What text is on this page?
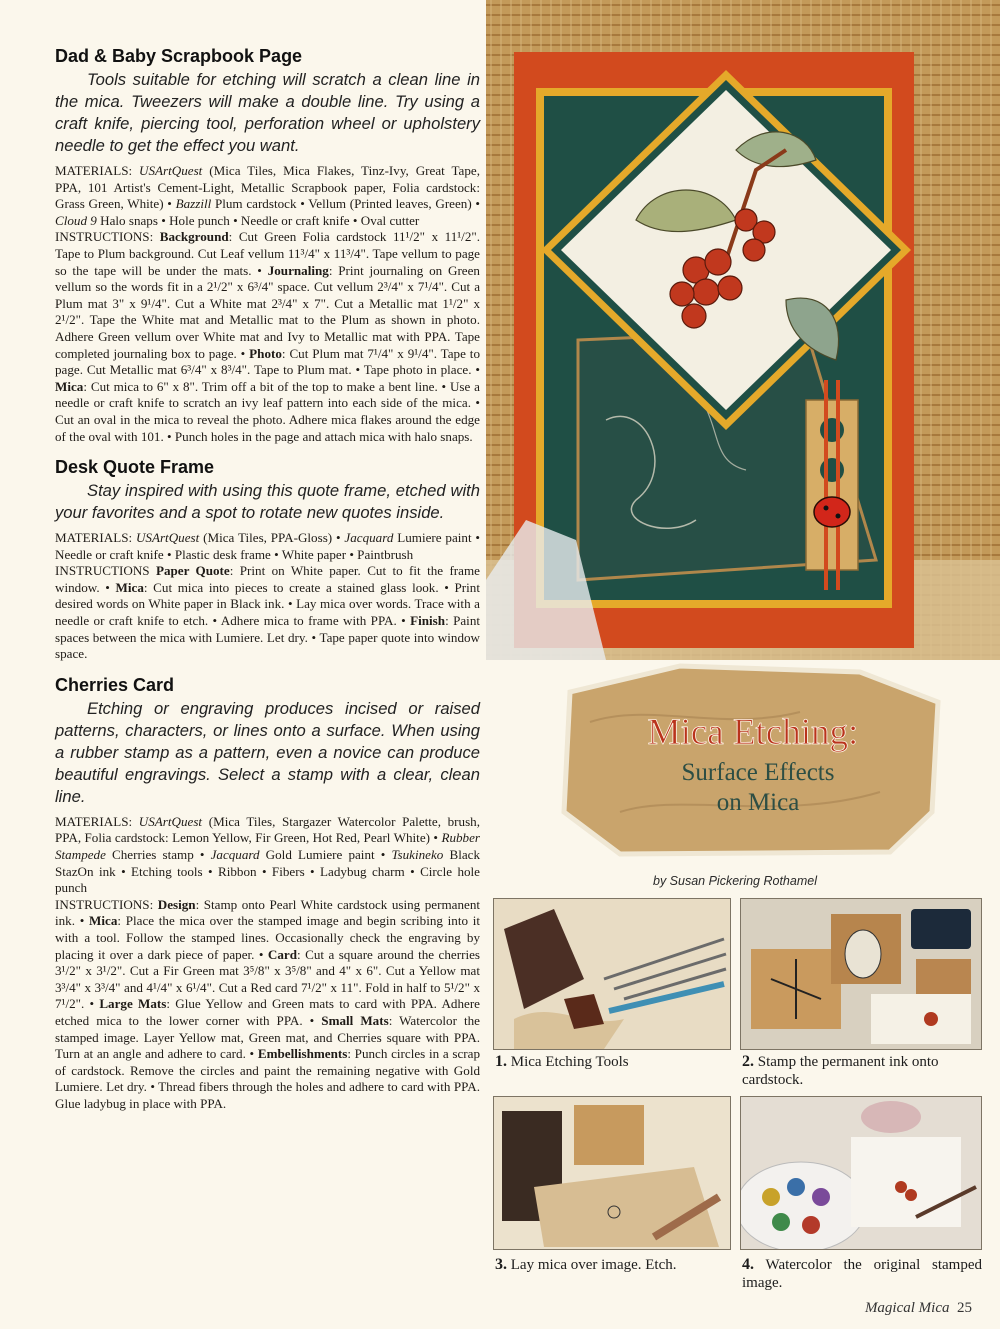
Dad & Baby Scrapbook Page

Tools suitable for etching will scratch a clean line in the mica. Tweezers will make a double line. Try using a craft knife, piercing tool, perforation wheel or upholstery needle to get the effect you want.

MATERIALS: USArtQuest (Mica Tiles, Mica Flakes, Tinz-Ivy, Great Tape, PPA, 101 Artist's Cement-Light, Metallic Scrapbook paper, Folia cardstock: Grass Green, White) • Bazzill Plum cardstock • Vellum (Printed leaves, Green) • Cloud 9 Halo snaps • Hole punch • Needle or craft knife • Oval cutter
INSTRUCTIONS: Background: Cut Green Folia cardstock 11¹/2" x 11¹/2". Tape to Plum background. Cut Leaf vellum 11³/4" x 11³/4". Tape vellum to page so the tape will be under the mats. • Journaling: Print journaling on Green vellum so the words fit in a 2¹/2" x 6³/4" space. Cut vellum 2³/4" x 7¹/4". Cut a Plum mat 3" x 9¹/4". Cut a White mat 2³/4" x 7". Cut a Metallic mat 1¹/2" x 2¹/2". Tape the White mat and Metallic mat to the Plum as shown in photo. Adhere Green vellum over White mat and Ivy to Metallic mat with PPA. Tape completed journaling box to page. • Photo: Cut Plum mat 7¹/4" x 9¹/4". Tape to page. Cut Metallic mat 6³/4" x 8³/4". Tape to Plum mat. • Tape photo in place. • Mica: Cut mica to 6" x 8". Trim off a bit of the top to make a bent line. • Use a needle or craft knife to scratch an ivy leaf pattern into each side of the mica. • Cut an oval in the mica to reveal the photo. Adhere mica flakes around the edge of the oval with 101. • Punch holes in the page and attach mica with halo snaps.
Desk Quote Frame

Stay inspired with using this quote frame, etched with your favorites and a spot to rotate new quotes inside.

MATERIALS: USArtQuest (Mica Tiles, PPA-Gloss) • Jacquard Lumiere paint • Needle or craft knife • Plastic desk frame • White paper • Paintbrush
INSTRUCTIONS Paper Quote: Print on White paper. Cut to fit the frame window. • Mica: Cut mica into pieces to create a stained glass look. • Print desired words on White paper in Black ink. • Lay mica over words. Trace with a needle or craft knife to etch. • Adhere mica to frame with PPA. • Finish: Paint spaces between the mica with Lumiere. Let dry. • Tape paper quote into window space.
Cherries Card

Etching or engraving produces incised or raised patterns, characters, or lines onto a surface. When using a rubber stamp as a pattern, even a novice can produce beautiful engravings. Select a stamp with a clear, clean line.

MATERIALS: USArtQuest (Mica Tiles, Stargazer Watercolor Palette, brush, PPA, Folia cardstock: Lemon Yellow, Fir Green, Hot Red, Pearl White) • Rubber Stampede Cherries stamp • Jacquard Gold Lumiere paint • Tsukineko Black StazOn ink • Etching tools • Ribbon • Fibers • Ladybug charm • Circle hole punch
INSTRUCTIONS: Design: Stamp onto Pearl White cardstock using permanent ink. • Mica: Place the mica over the stamped image and begin scribing into it with a tool. Follow the stamped lines. Occasionally check the engraving by placing it over a dark piece of paper. • Card: Cut a square around the cherries 3¹/2" x 3¹/2". Cut a Fir Green mat 3⁵/8" x 3⁵/8" and 4" x 6". Cut a Yellow mat 3³/4" x 3³/4" and 4¹/4" x 6¹/4". Cut a Red card 7¹/2" x 11". Fold in half to 5¹/2" x 7¹/2". • Large Mats: Glue Yellow and Green mats to card with PPA. Adhere etched mica to the lower corner with PPA. • Small Mats: Watercolor the stamped image. Layer Yellow mat, Green mat, and Cherries square with PPA. Turn at an angle and adhere to card. • Embellishments: Punch circles in a scrap of cardstock. Remove the circles and paint the remaining negative with Gold Lumiere. Let dry. • Thread fibers through the holes and adhere to card with PPA. Glue ladybug in place with PPA.
Mica Etching:
Surface Effects
on Mica
by Susan Pickering Rothamel
1. Mica Etching Tools	2. Stamp the permanent ink onto cardstock.
3. Lay mica over image. Etch.	4. Watercolor the original stamped image.
Magical Mica 25
